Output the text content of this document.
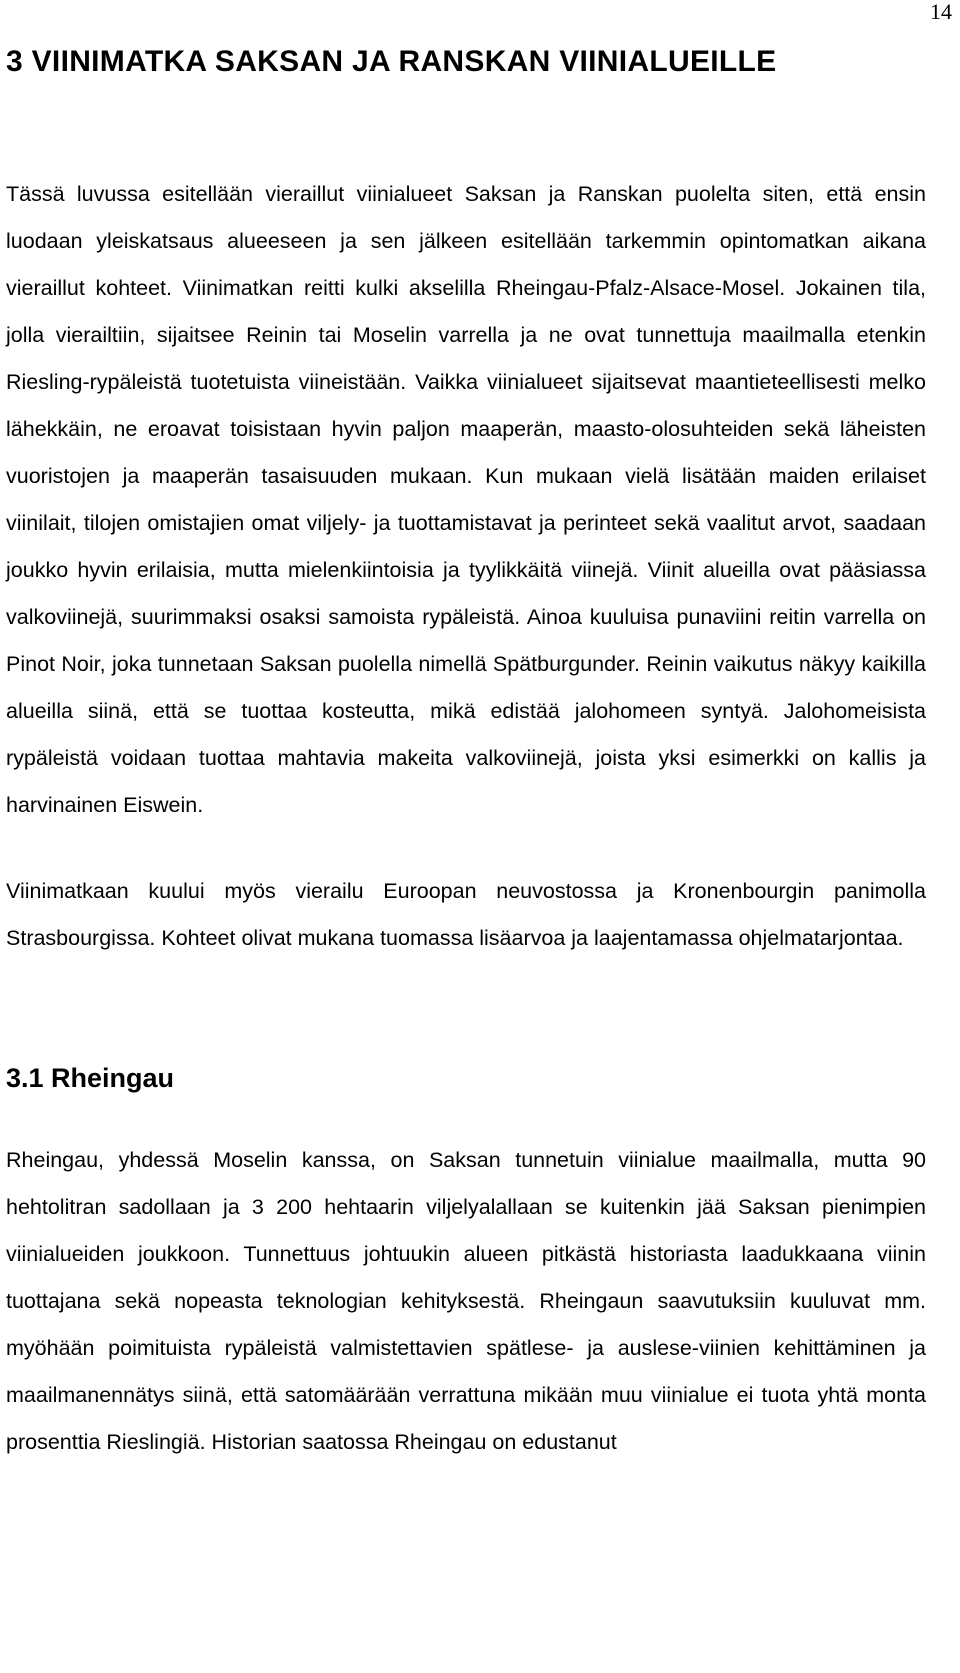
14
3 VIINIMATKA SAKSAN JA RANSKAN VIINIALUEILLE

Tässä luvussa esitellään vieraillut viinialueet Saksan ja Ranskan puolelta siten, että ensin luodaan yleiskatsaus alueeseen ja sen jälkeen esitellään tarkemmin opintomatkan aikana vieraillut kohteet. Viinimatkan reitti kulki akselilla Rheingau-Pfalz-Alsace-Mosel. Jokainen tila, jolla vierailtiin, sijaitsee Reinin tai Moselin varrella ja ne ovat tunnettuja maailmalla etenkin Riesling-rypäleistä tuotetuista viineistään. Vaikka viinialueet sijaitsevat maantieteellisesti melko lähekkäin, ne eroavat toisistaan hyvin paljon maaperän, maasto-olosuhteiden sekä läheisten vuoristojen ja maaperän tasaisuuden mukaan. Kun mukaan vielä lisätään maiden erilaiset viinilait, tilojen omistajien omat viljely- ja tuottamistavat ja perinteet sekä vaalitut arvot, saadaan joukko hyvin erilaisia, mutta mielenkiintoisia ja tyylikkäitä viinejä. Viinit alueilla ovat pääsiassa valkoviinejä, suurimmaksi osaksi samoista rypäleistä. Ainoa kuuluisa punaviini reitin varrella on Pinot Noir, joka tunnetaan Saksan puolella nimellä Spätburgunder. Reinin vaikutus näkyy kaikilla alueilla siinä, että se tuottaa kosteutta, mikä edistää jalohomeen syntyä. Jalohomeisista rypäleistä voidaan tuottaa mahtavia makeita valkoviinejä, joista yksi esimerkki on kallis ja harvinainen Eiswein.

Viinimatkaan kuului myös vierailu Euroopan neuvostossa ja Kronenbourgin panimolla Strasbourgissa. Kohteet olivat mukana tuomassa lisäarvoa ja laajentamassa ohjelmatarjontaa.

3.1 Rheingau

Rheingau, yhdessä Moselin kanssa, on Saksan tunnetuin viinialue maailmalla, mutta 90 hehtolitran sadollaan ja 3 200 hehtaarin viljelyalallaan se kuitenkin jää Saksan pienimpien viinialueiden joukkoon. Tunnettuus johtuukin alueen pitkästä historiasta laadukkaana viinin tuottajana sekä nopeasta teknologian kehityksestä. Rheingaun saavutuksiin kuuluvat mm. myöhään poimituista rypäleistä valmistettavien spätlese- ja auslese-viinien kehittäminen ja maailmanennätys siinä, että satomäärään verrattuna mikään muu viinialue ei tuota yhtä monta prosenttia Rieslingiä. Historian saatossa Rheingau on edustanut
